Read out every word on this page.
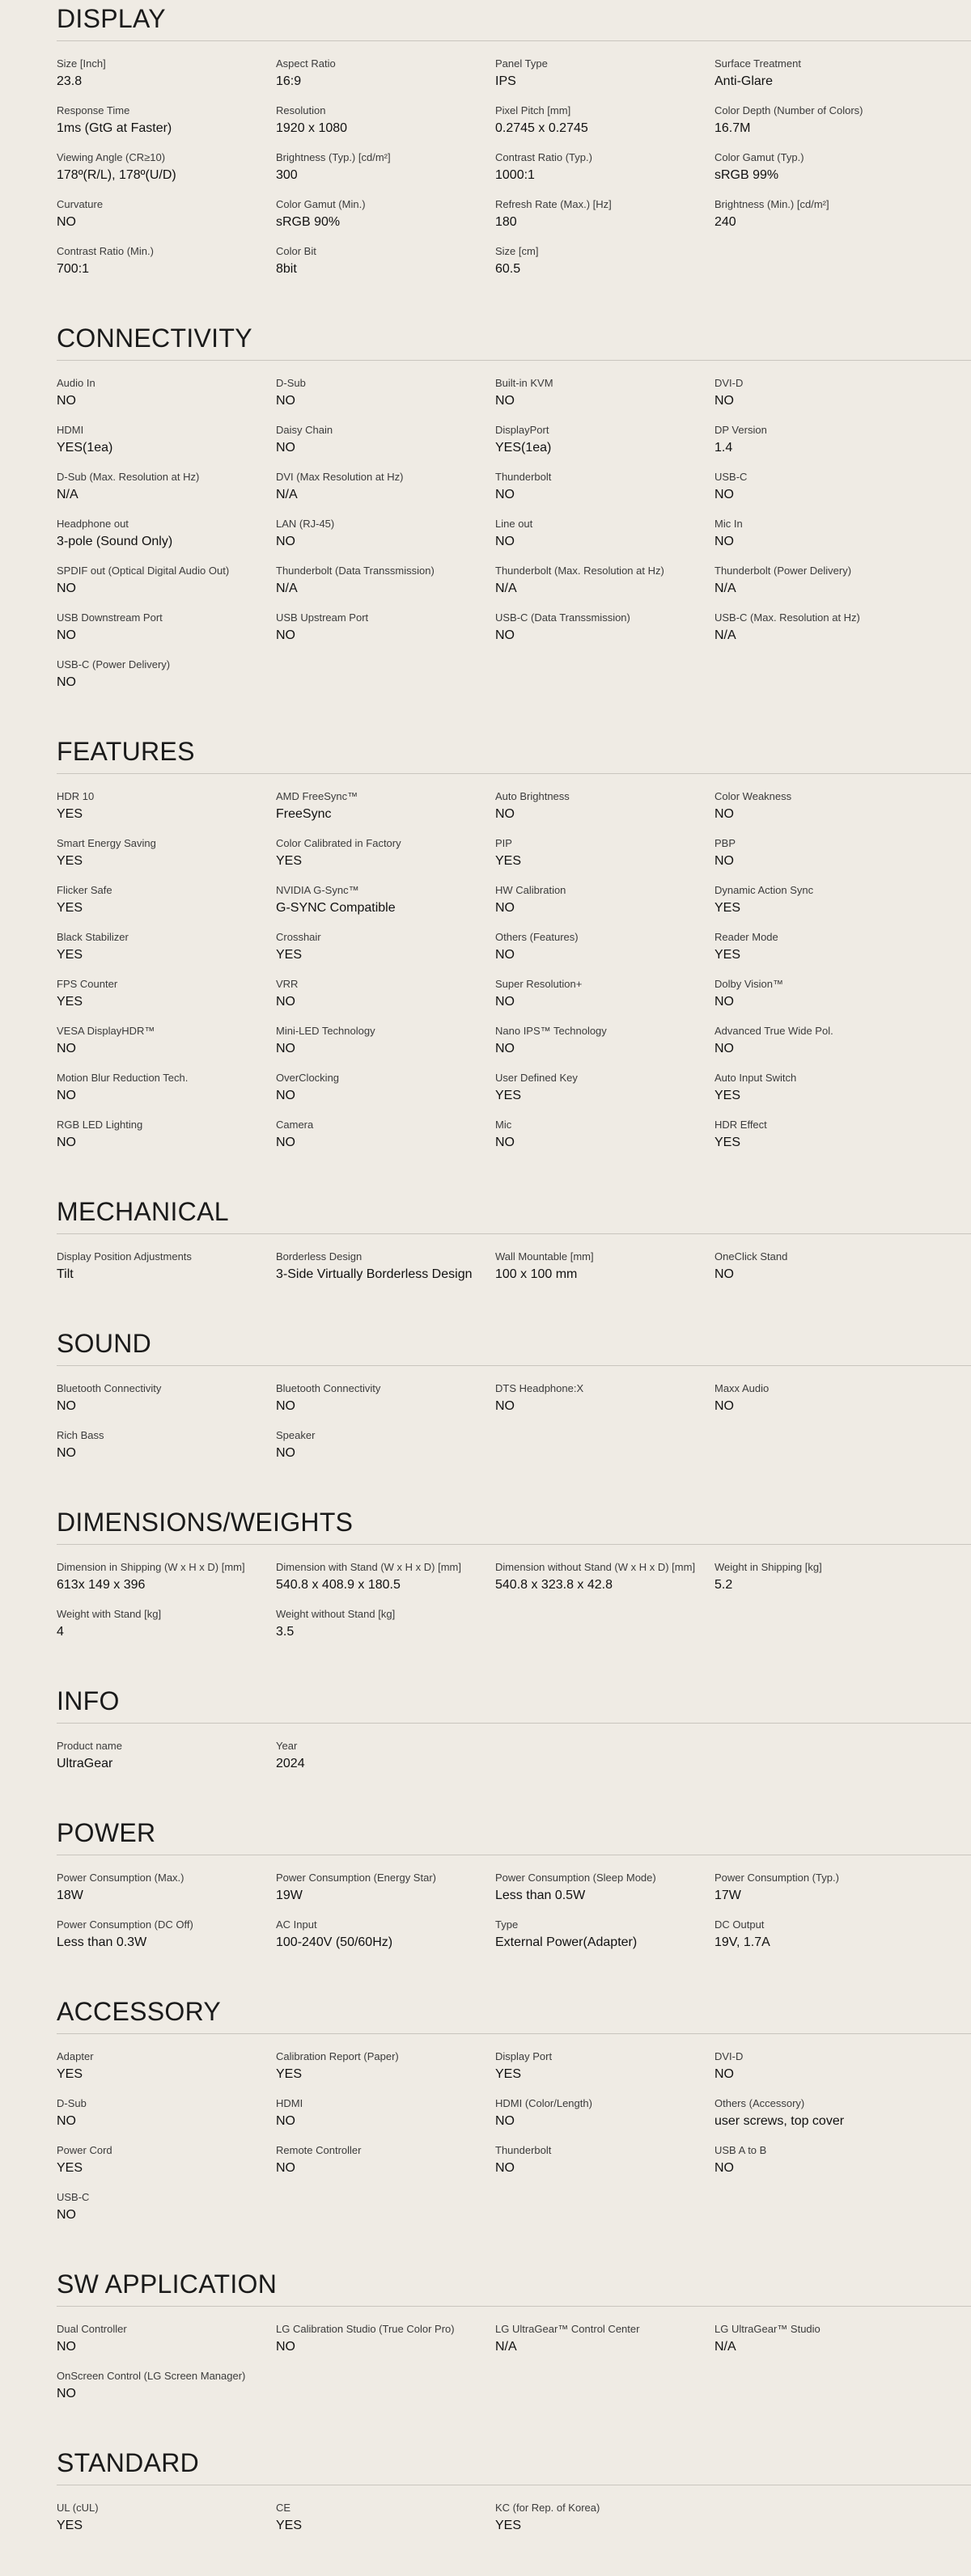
DISPLAY
Size [Inch]
23.8
Aspect Ratio
16:9
Panel Type
IPS
Surface Treatment
Anti-Glare
Response Time
1ms (GtG at Faster)
Resolution
1920 x 1080
Pixel Pitch [mm]
0.2745 x 0.2745
Color Depth (Number of Colors)
16.7M
Viewing Angle (CR≥10)
178º(R/L), 178º(U/D)
Brightness (Typ.) [cd/m²]
300
Contrast Ratio (Typ.)
1000:1
Color Gamut (Typ.)
sRGB 99%
Curvature
NO
Color Gamut (Min.)
sRGB 90%
Refresh Rate (Max.) [Hz]
180
Brightness (Min.) [cd/m²]
240
Contrast Ratio (Min.)
700:1
Color Bit
8bit
Size [cm]
60.5
CONNECTIVITY
Audio In
NO
D-Sub
NO
Built-in KVM
NO
DVI-D
NO
HDMI
YES(1ea)
Daisy Chain
NO
DisplayPort
YES(1ea)
DP Version
1.4
D-Sub (Max. Resolution at Hz)
N/A
DVI (Max Resolution at Hz)
N/A
Thunderbolt
NO
USB-C
NO
Headphone out
3-pole (Sound Only)
LAN (RJ-45)
NO
Line out
NO
Mic In
NO
SPDIF out (Optical Digital Audio Out)
NO
Thunderbolt (Data Transsmission)
N/A
Thunderbolt (Max. Resolution at Hz)
N/A
Thunderbolt (Power Delivery)
N/A
USB Downstream Port
NO
USB Upstream Port
NO
USB-C (Data Transsmission)
NO
USB-C (Max. Resolution at Hz)
N/A
USB-C (Power Delivery)
NO
FEATURES
HDR 10
YES
AMD FreeSync™
FreeSync
Auto Brightness
NO
Color Weakness
NO
Smart Energy Saving
YES
Color Calibrated in Factory
YES
PIP
YES
PBP
NO
Flicker Safe
YES
NVIDIA G-Sync™
G-SYNC Compatible
HW Calibration
NO
Dynamic Action Sync
YES
Black Stabilizer
YES
Crosshair
YES
Others (Features)
NO
Reader Mode
YES
FPS Counter
YES
VRR
NO
Super Resolution+
NO
Dolby Vision™
NO
VESA DisplayHDR™
NO
Mini-LED Technology
NO
Nano IPS™ Technology
NO
Advanced True Wide Pol.
NO
Motion Blur Reduction Tech.
NO
OverClocking
NO
User Defined Key
YES
Auto Input Switch
YES
RGB LED Lighting
NO
Camera
NO
Mic
NO
HDR Effect
YES
MECHANICAL
Display Position Adjustments
Tilt
Borderless Design
3-Side Virtually Borderless Design
Wall Mountable [mm]
100 x 100 mm
OneClick Stand
NO
SOUND
Bluetooth Connectivity
NO
Bluetooth Connectivity
NO
DTS Headphone:X
NO
Maxx Audio
NO
Rich Bass
NO
Speaker
NO
DIMENSIONS/WEIGHTS
Dimension in Shipping (W x H x D) [mm]
613x 149 x 396
Dimension with Stand (W x H x D) [mm]
540.8 x 408.9 x 180.5
Dimension without Stand (W x H x D) [mm]
540.8 x 323.8 x 42.8
Weight in Shipping [kg]
5.2
Weight with Stand [kg]
4
Weight without Stand [kg]
3.5
INFO
Product name
UltraGear
Year
2024
POWER
Power Consumption (Max.)
18W
Power Consumption (Energy Star)
19W
Power Consumption (Sleep Mode)
Less than 0.5W
Power Consumption (Typ.)
17W
Power Consumption (DC Off)
Less than 0.3W
AC Input
100-240V (50/60Hz)
Type
External Power(Adapter)
DC Output
19V, 1.7A
ACCESSORY
Adapter
YES
Calibration Report (Paper)
YES
Display Port
YES
DVI-D
NO
D-Sub
NO
HDMI
NO
HDMI (Color/Length)
NO
Others (Accessory)
user screws, top cover
Power Cord
YES
Remote Controller
NO
Thunderbolt
NO
USB A to B
NO
USB-C
NO
SW APPLICATION
Dual Controller
NO
LG Calibration Studio (True Color Pro)
NO
LG UltraGear™ Control Center
N/A
LG UltraGear™ Studio
N/A
OnScreen Control (LG Screen Manager)
NO
STANDARD
UL (cUL)
YES
CE
YES
KC (for Rep. of Korea)
YES
